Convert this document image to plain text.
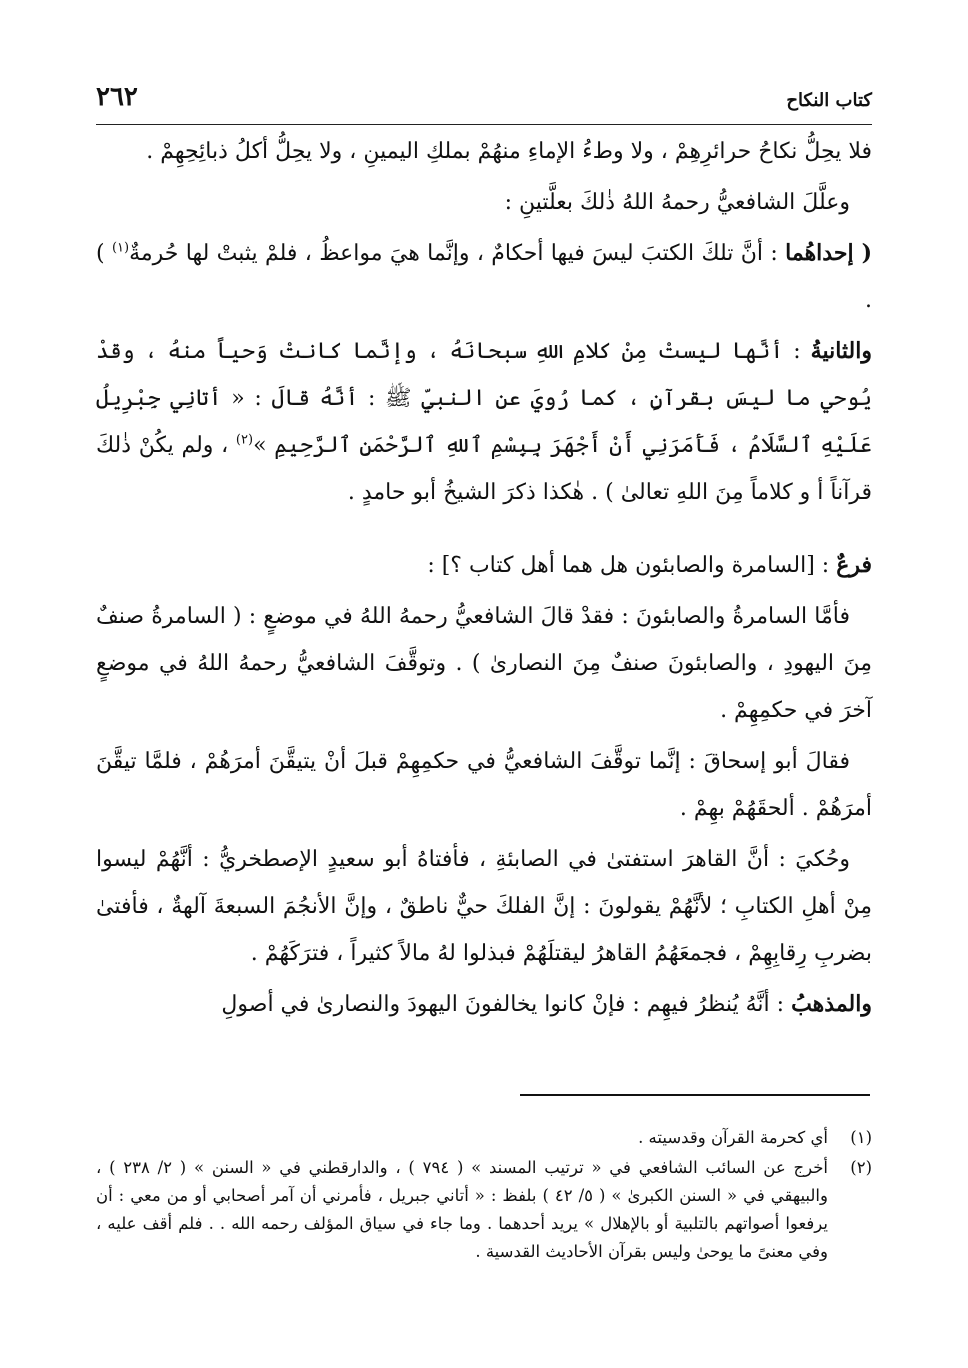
٢٦٢	كتاب النكاح

فلا يحِلُّ نكاحُ حرائرِهِمْ ، ولا وطءُ الإماءِ منهُمْ بملكِ اليمينِ ، ولا يحِلُّ أكلُ ذبائِحِهِمْ .

وعلَّلَ الشافعيُّ رحمهُ اللهُ ذٰلكَ بعلَّتينِ :

( إحداهُما : أنَّ تلكَ الكتبَ ليسَ فيها أحكامٌ ، وإنَّما هيَ مواعظُ ، فلمْ يثبتْ لها حُرمةٌ$^{(١)}$ ) .

والثانيةُ : أنَّها ليستْ مِنْ كلامِ اللهِ سبحانَهُ ، وإنَّما كانتْ وَحياً منهُ ، وقدْ يُوحي ما ليسَ بقرآنٍ ، كما رُويَ عنِ النبيِّ ﷺ : أنَّهُ قالَ : « أتانِي جِبْرِيلُ عَلَيْهِ ٱلسَّلَامُ ، فَأَمَرَنِي أَنْ أَجْهَرَ بِبِسْمِ ٱللهِ ٱلرَّحْمَنِ ٱلرَّحِيمِ »$^{(٢)}$ ، ولم يكُنْ ذٰلكَ قرآناً أ و كلاماً مِنَ اللهِ تعالىٰ ) . هٰكذا ذكرَ الشيخُ أبو حامدٍ .

فرعٌ : [السامرة والصابئون هل هما أهل كتاب ؟] :

فأمَّا السامرةُ والصابئونَ : فقدْ قالَ الشافعيُّ رحمهُ اللهُ في موضعٍ : ( السامرةُ صنفٌ مِنَ اليهودِ ، والصابئونَ صنفٌ مِنَ النصارىٰ ) . وتوقَّفَ الشافعيُّ رحمهُ اللهُ في موضعٍ آخرَ في حكمِهِمْ .

فقالَ أبو إسحاقَ : إنَّما توقَّفَ الشافعيُّ في حكمِهِمْ قبلَ أنْ يتيقَّنَ أمرَهُمْ ، فلمَّا تيقَّنَ أمرَهُمْ . ألحقَهُمْ بهِمْ .

وحُكيَ : أنَّ القاهرَ استفتىٰ في الصابئةِ ، فأفتاهُ أبو سعيدٍ الإصطخريُّ : أنَّهُمْ ليسوا مِنْ أهلِ الكتابِ ؛ لأنَّهُمْ يقولونَ : إنَّ الفلكَ حيٌّ ناطقٌ ، وإنَّ الأنجُمَ السبعةَ آلهةٌ ، فأفتىٰ بضربِ رِقابِهِمْ ، فجمعَهُمُ القاهرُ ليقتلَهُمْ فبذلوا لهُ مالاً كثيراً ، فترَكَهُمْ .

والمذهبُ : أنَّهُ يُنظرُ فيهِم : فإنْ كانوا يخالفونَ اليهودَ والنصارىٰ في أصولِ

(١)
أي كحرمة القرآن وقدسيته .
(٢)
أخرج عن السائب الشافعي في « ترتيب المسند » ( ٧٩٤ ) ، والدارقطني في « السنن » ( ٢/ ٢٣٨ ) ، والبيهقي في « السنن الكبرىٰ » ( ٥/ ٤٢ ) بلفظ : « أتاني جبريل ، فأمرني أن آمر أصحابي أو من معي : أن يرفعوا أصواتهم بالتلبية أو بالإهلال » يريد أحدهما . وما جاء في سياق المؤلف رحمه الله . . فلم أقف عليه ، وفي معنىً ما يوحىٰ وليس بقرآن الأحاديث القدسية .
